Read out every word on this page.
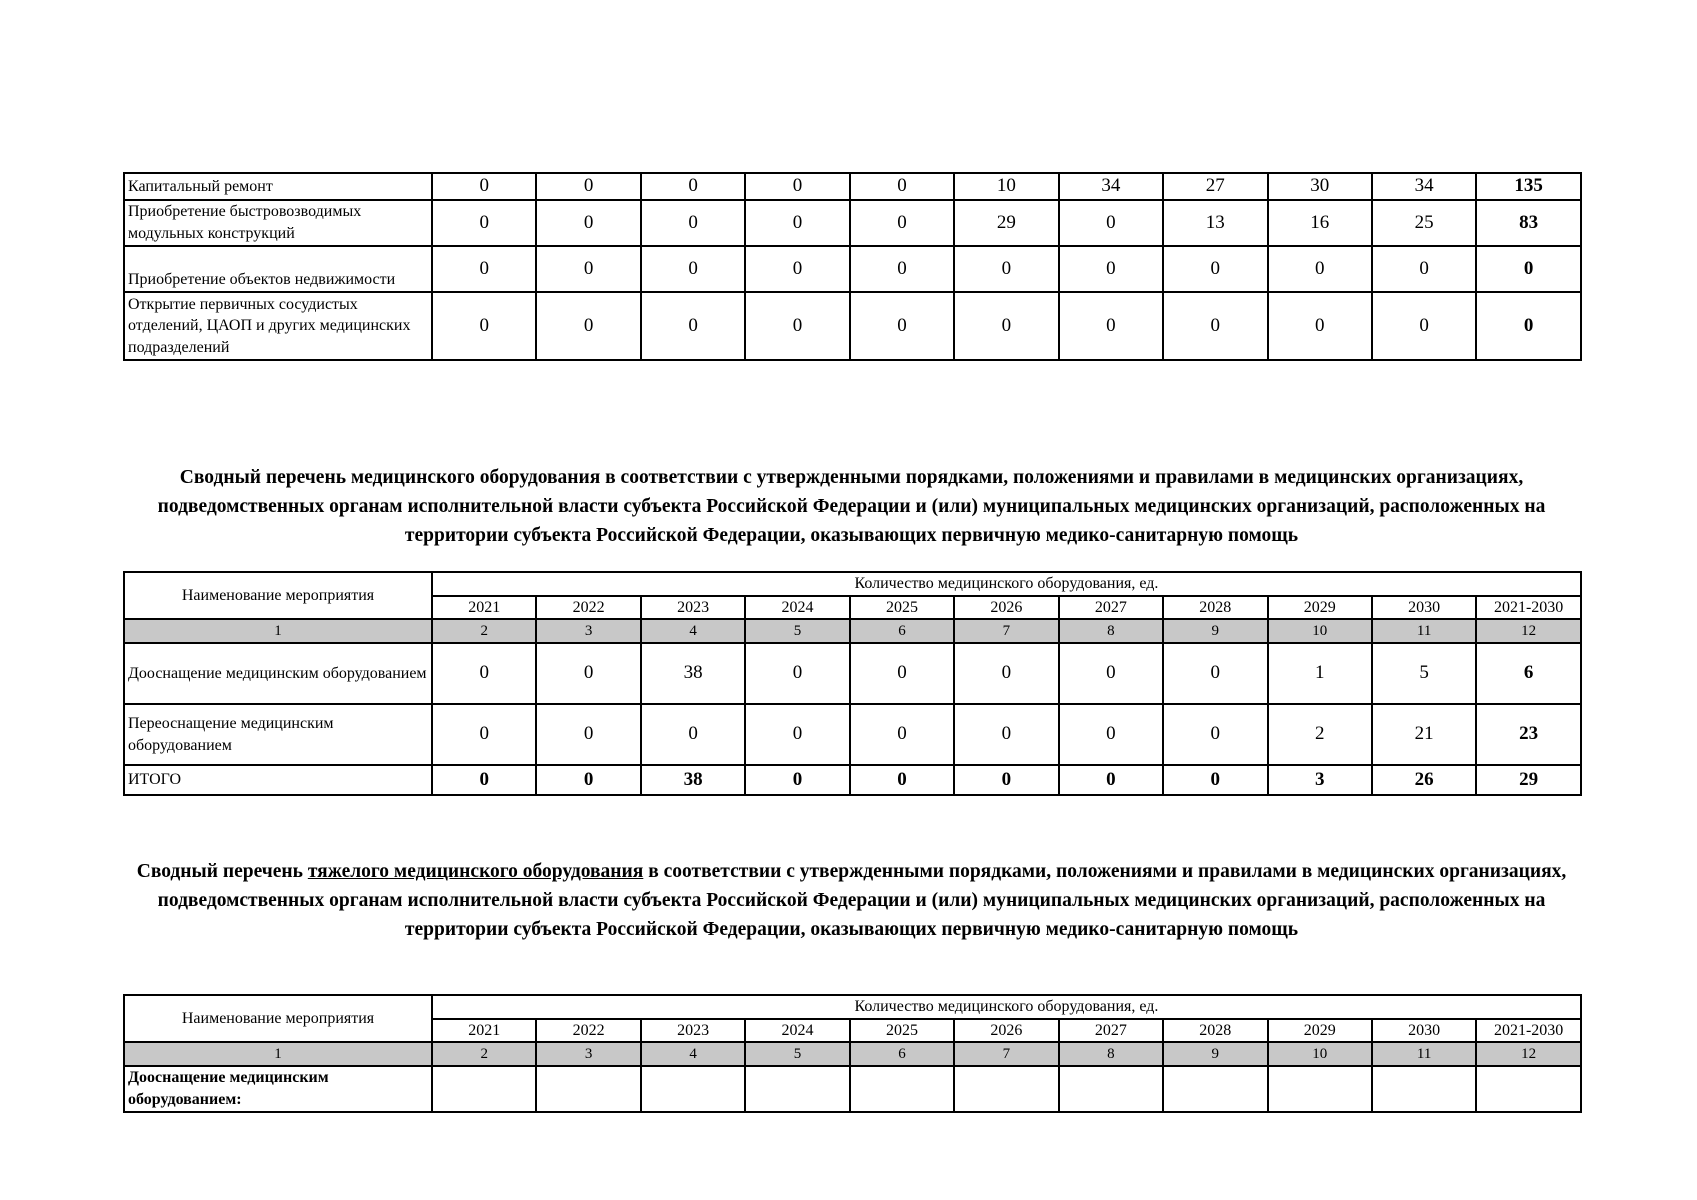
Капитальный ремонт	0	0	0	0	0	10	34	27	30	34	135
Приобретение быстровозводимых модульных конструкций	0	0	0	0	0	29	0	13	16	25	83
Приобретение объектов недвижимости	0	0	0	0	0	0	0	0	0	0	0
Открытие первичных сосудистых отделений, ЦАОП и других медицинских подразделений	0	0	0	0	0	0	0	0	0	0	0
Сводный перечень медицинского оборудования в соответствии с утвержденными порядками, положениями и правилами в медицинских организациях, подведомственных органам исполнительной власти субъекта Российской Федерации и (или) муниципальных медицинских организаций, расположенных на территории субъекта Российской Федерации, оказывающих первичную медико-санитарную помощь
Наименование мероприятия	Количество медицинского оборудования, ед.										
	2021	2022	2023	2024	2025	2026	2027	2028	2029	2030	2021-2030
1	2	3	4	5	6	7	8	9	10	11	12
Дооснащение медицинским оборудованием	0	0	38	0	0	0	0	0	1	5	6
Переоснащение медицинским оборудованием	0	0	0	0	0	0	0	0	2	21	23
ИТОГО	0	0	38	0	0	0	0	0	3	26	29
Сводный перечень тяжелого медицинского оборудования в соответствии с утвержденными порядками, положениями и правилами в медицинских организациях, подведомственных органам исполнительной власти субъекта Российской Федерации и (или) муниципальных медицинских организаций, расположенных на территории субъекта Российской Федерации, оказывающих первичную медико-санитарную помощь
Наименование мероприятия	Количество медицинского оборудования, ед.										
	2021	2022	2023	2024	2025	2026	2027	2028	2029	2030	2021-2030
1	2	3	4	5	6	7	8	9	10	11	12
Дооснащение медицинским оборудованием:											
